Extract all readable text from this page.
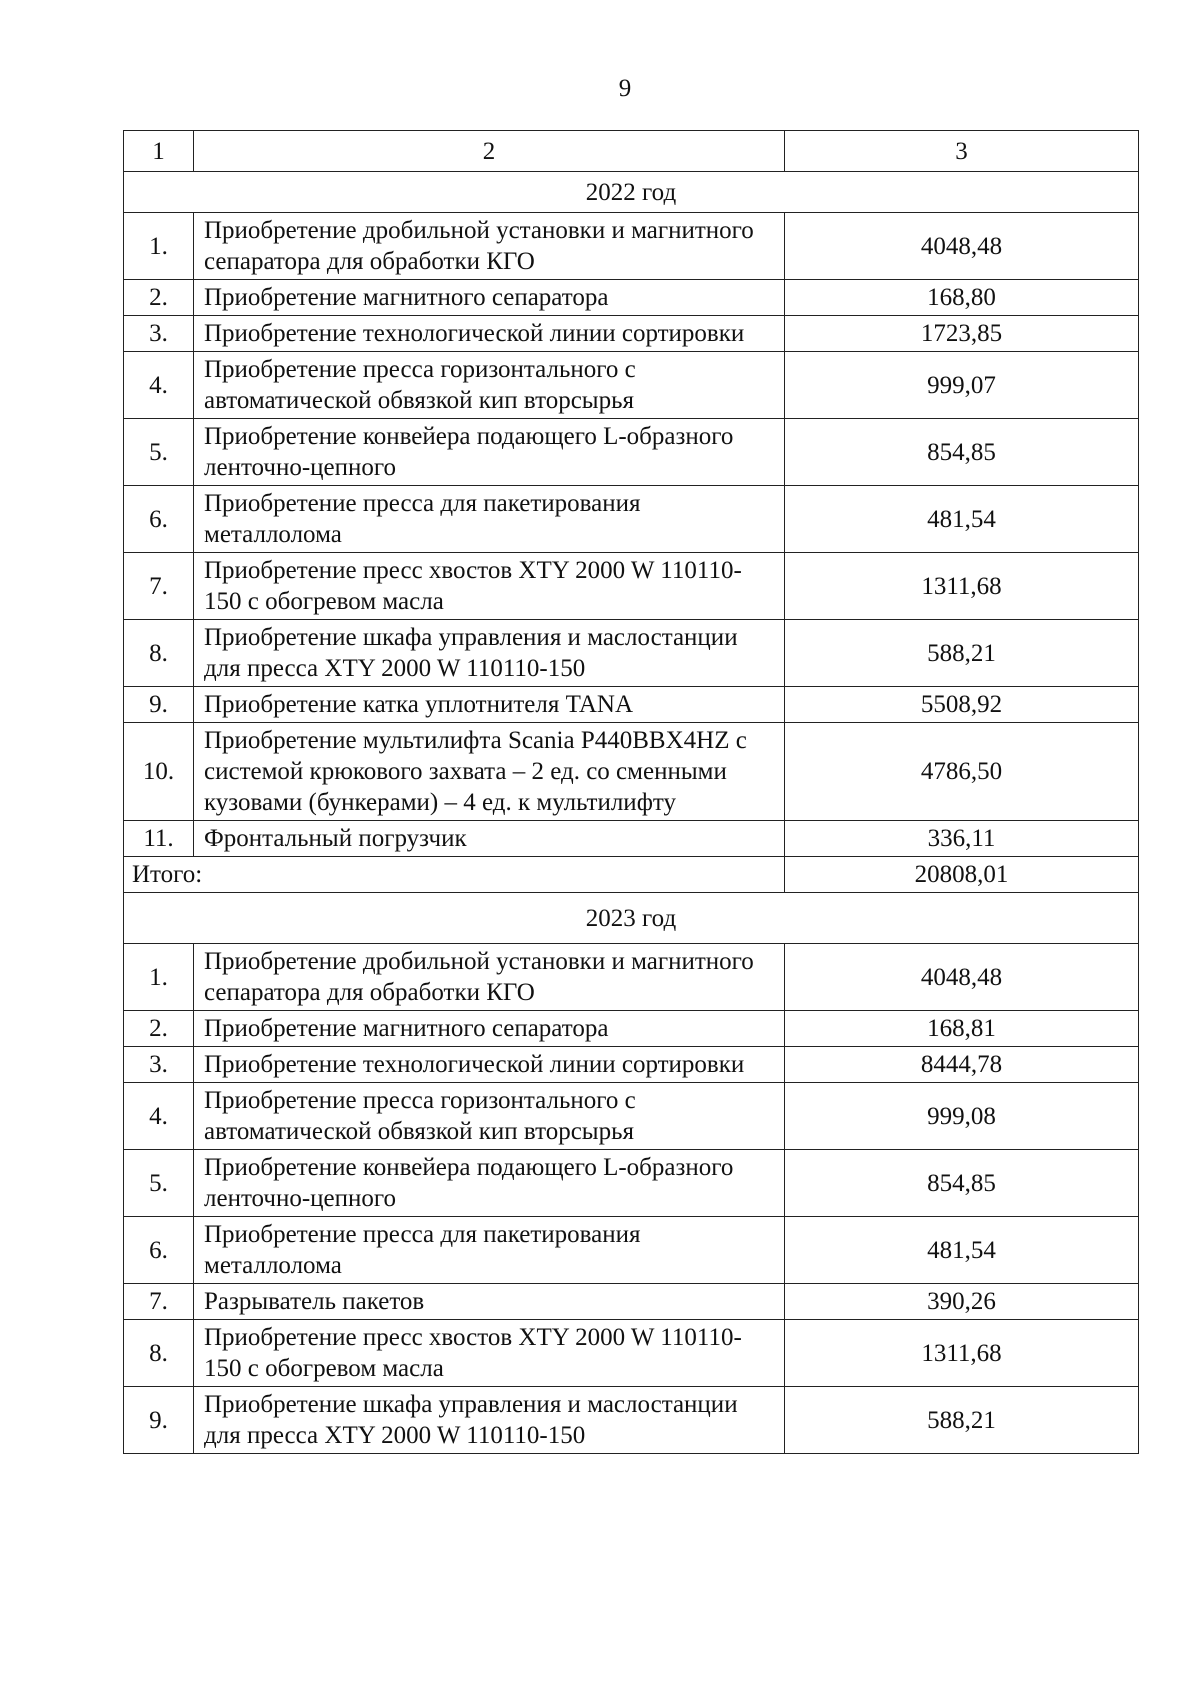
9
1	2	3
2022 год		
1.	Приобретение дробильной установки и магнитного сепаратора для обработки КГО	4048,48
2.	Приобретение магнитного сепаратора	168,80
3.	Приобретение технологической линии сортировки	1723,85
4.	Приобретение пресса горизонтального с автоматической обвязкой кип вторсырья	999,07
5.	Приобретение конвейера подающего L-образного ленточно-цепного	854,85
6.	Приобретение пресса для пакетирования металлолома	481,54
7.	Приобретение пресс хвостов XTY 2000 W 110110-150 с обогревом масла	1311,68
8.	Приобретение шкафа управления и маслостанции для пресса XTY 2000 W 110110-150	588,21
9.	Приобретение катка уплотнителя TANA	5508,92
10.	Приобретение мультилифта Scania P440BBX4HZ с системой крюкового захвата – 2 ед. со сменными кузовами (бункерами) – 4 ед. к мультилифту	4786,50
11.	Фронтальный погрузчик	336,11
Итого:		20808,01
2023 год		
1.	Приобретение дробильной установки и магнитного сепаратора для обработки КГО	4048,48
2.	Приобретение магнитного сепаратора	168,81
3.	Приобретение технологической линии сортировки	8444,78
4.	Приобретение пресса горизонтального с автоматической обвязкой кип вторсырья	999,08
5.	Приобретение конвейера подающего L-образного ленточно-цепного	854,85
6.	Приобретение пресса для пакетирования металлолома	481,54
7.	Разрыватель пакетов	390,26
8.	Приобретение пресс хвостов XTY 2000 W 110110-150 с обогревом масла	1311,68
9.	Приобретение шкафа управления и маслостанции для пресса XTY 2000 W 110110-150	588,21
